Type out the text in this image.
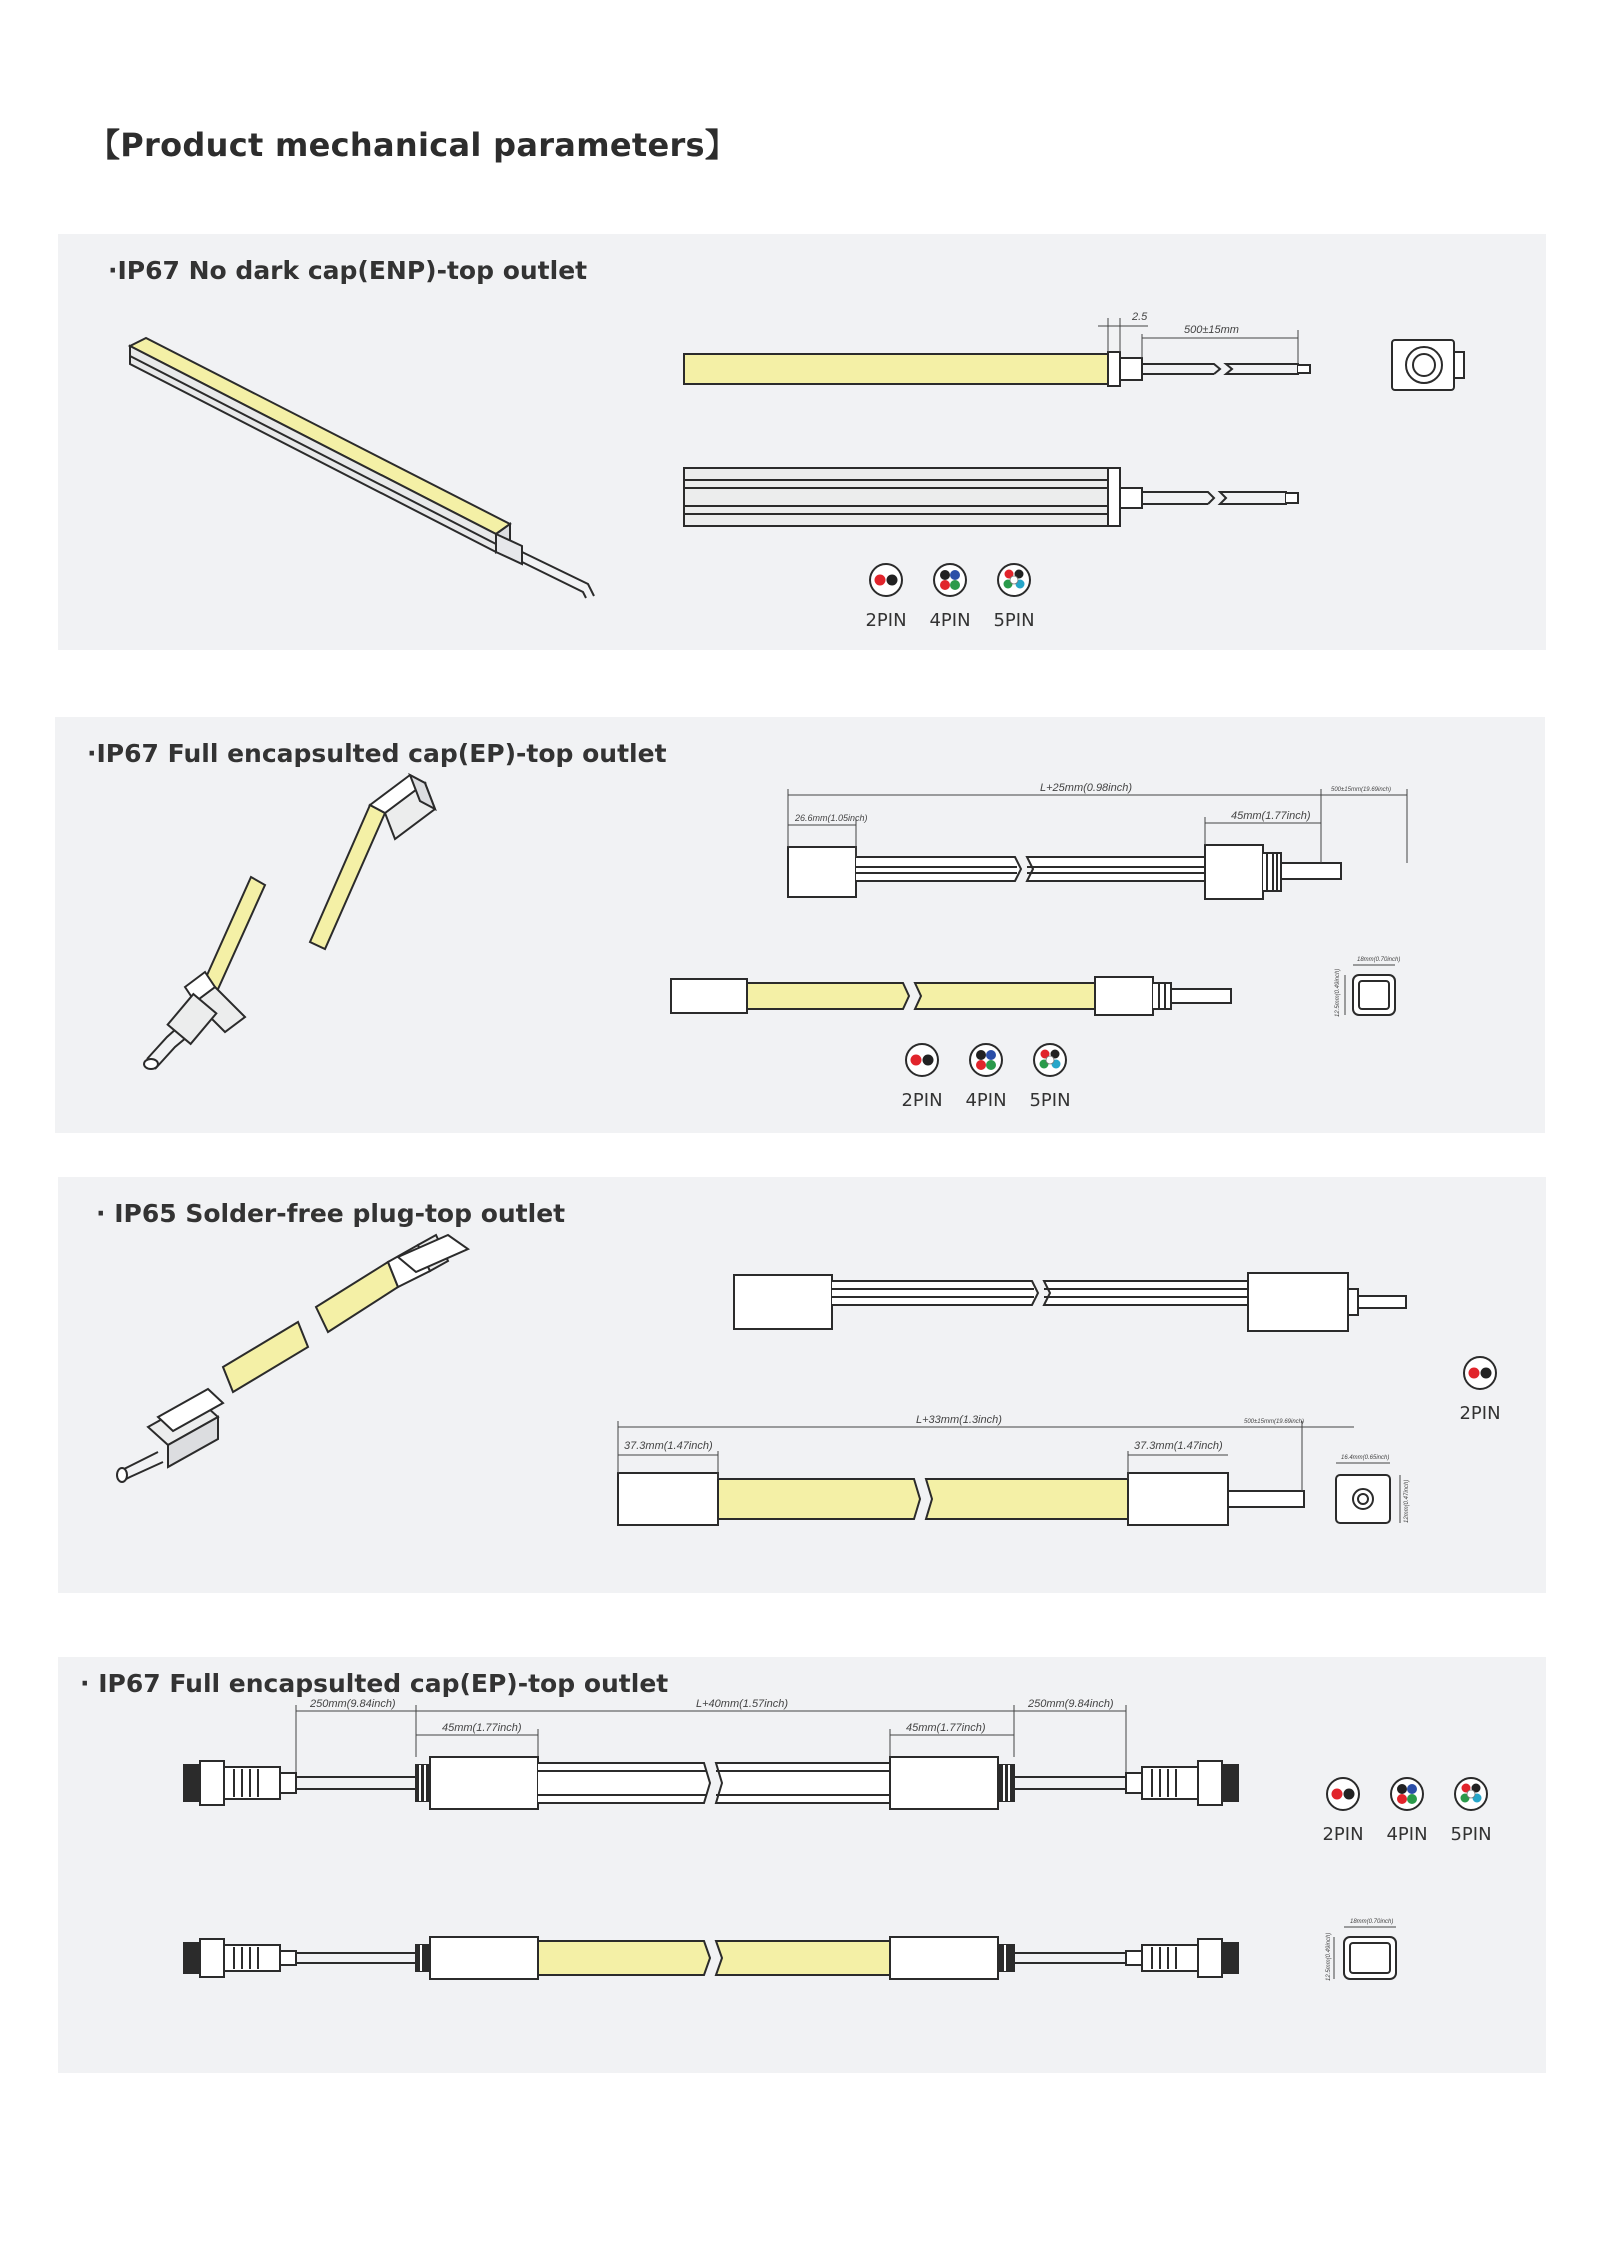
【Product mechanical parameters】
·IP67 No dark cap(ENP)-top outlet
2.5
500±15mm
2PIN	4PIN	5PIN
·IP67 Full encapsulted cap(EP)-top outlet
L+25mm(0.98inch)
26.6mm(1.05inch)	45mm(1.77inch)
500±15mm(19.69inch)
18mm(0.70inch)
12.5mm(0.49inch)
2PIN	4PIN	5PIN
· IP65 Solder-free plug-top outlet
L+33mm(1.3inch)
37.3mm(1.47inch)	37.3mm(1.47inch)
500±15mm(19.69inch)
16.4mm(0.65inch)
12mm(0.47inch)
2PIN
· IP67 Full encapsulted cap(EP)-top outlet
250mm(9.84inch)	L+40mm(1.57inch)	250mm(9.84inch)
45mm(1.77inch)	45mm(1.77inch)
18mm(0.70inch)
12.5mm(0.49inch)
2PIN	4PIN	5PIN
